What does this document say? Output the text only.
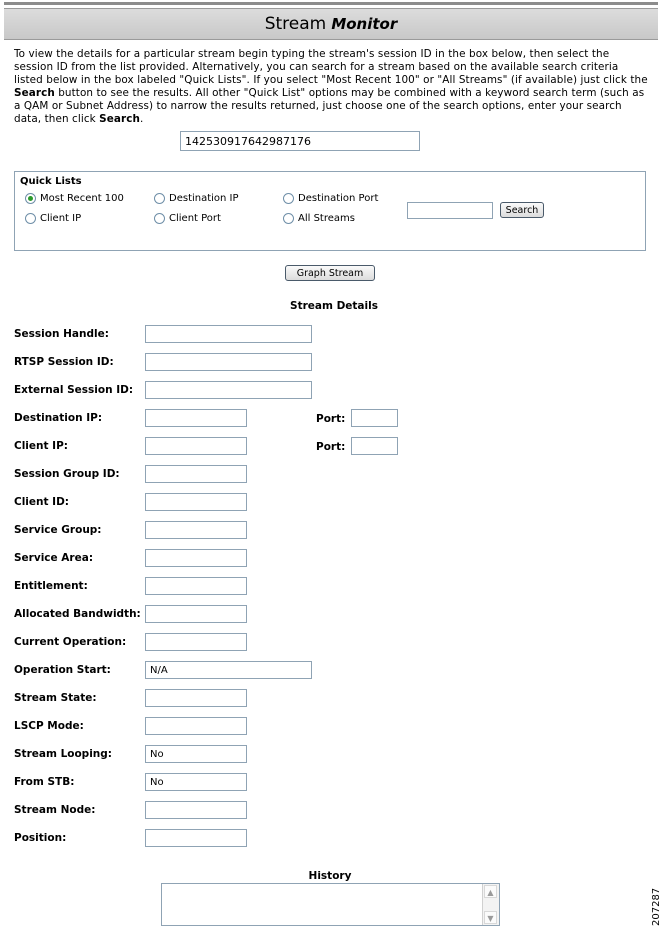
Stream Monitor
To view the details for a particular stream begin typing the stream's session ID in the box below, then select the session ID from the list provided. Alternatively, you can search for a stream based on the available search criteria listed below in the box labeled "Quick Lists". If you select "Most Recent 100" or "All Streams" (if available) just click the Search button to see the results. All other "Quick List" options may be combined with a keyword search term (such as a QAM or Subnet Address) to narrow the results returned, just choose one of the search options, enter your search data, then click Search.
142530917642987176
Quick Lists
Most Recent 100	Destination IP	Destination Port
Client IP	Client Port	All Streams
Search
Graph Stream
Stream Details
Session Handle:
RTSP Session ID:
External Session ID:
Destination IP:	Port:
Client IP:	Port:
Session Group ID:
Client ID:
Service Group:
Service Area:
Entitlement:
Allocated Bandwidth:
Current Operation:
Operation Start:
N/A
Stream State:
LSCP Mode:
Stream Looping:
No
From STB:
No
Stream Node:
Position:
History
▲
▼	207287
